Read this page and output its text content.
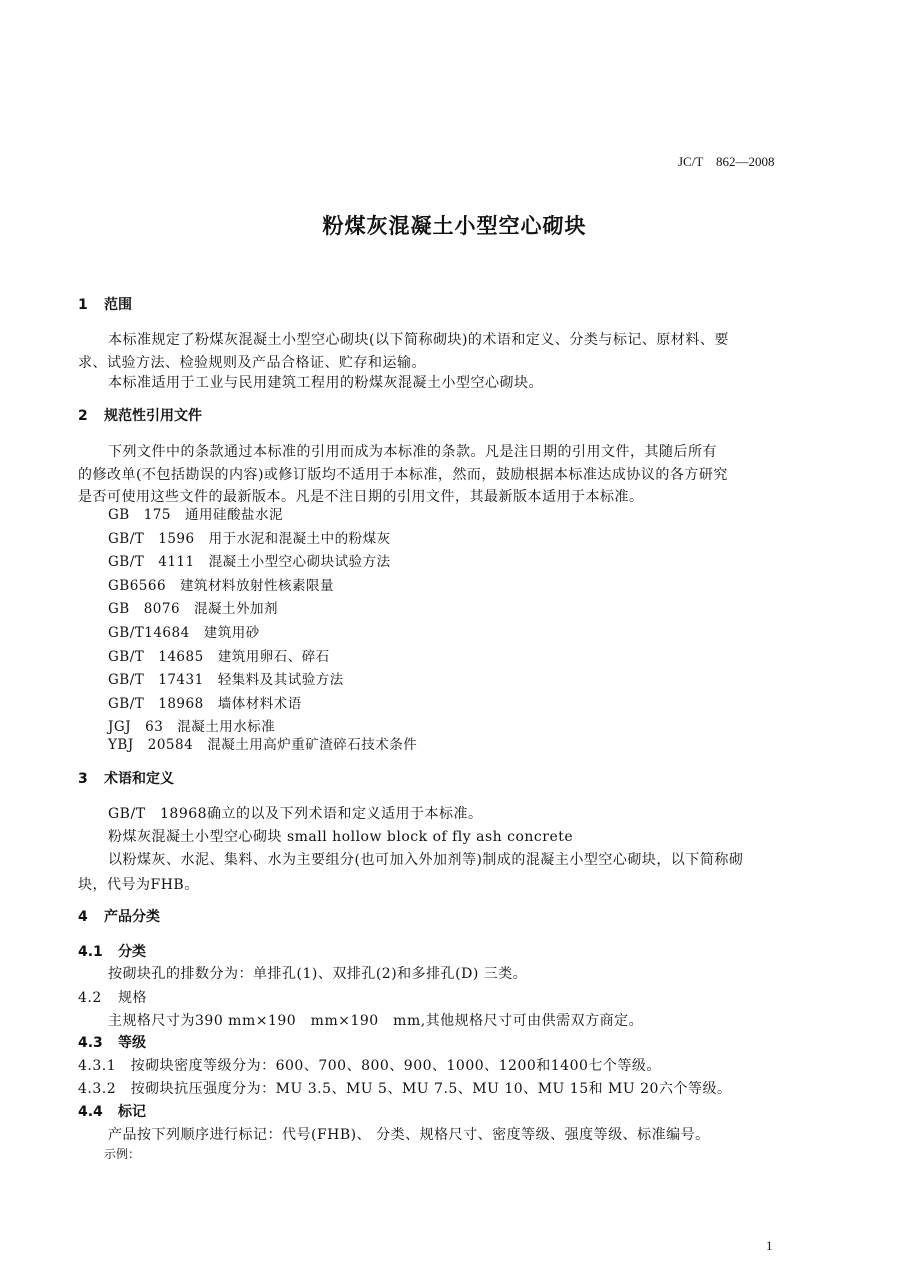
JC/T　862—2008
粉煤灰混凝土小型空心砌块
1 范围
本标准规定了粉煤灰混凝土小型空心砌块(以下简称砌块)的术语和定义、分类与标记、原材料、要
求、试验方法、检验规则及产品合格证、贮存和运输。
本标准适用于工业与民用建筑工程用的粉煤灰混凝土小型空心砌块。
2 规范性引用文件
下列文件中的条款通过本标准的引用而成为本标准的条款。凡是注日期的引用文件，其随后所有
的修改单(不包括勘误的内容)或修订版均不适用于本标准，然而，鼓励根据本标准达成协议的各方研究
是否可使用这些文件的最新版本。凡是不注日期的引用文件，其最新版本适用于本标准。
GB　175　通用硅酸盐水泥
GB/T　1596　用于水泥和混凝土中的粉煤灰
GB/T　4111　混凝土小型空心砌块试验方法
GB6566　建筑材料放射性核素限量
GB　8076　混凝土外加剂
GB/T14684　建筑用砂
GB/T　14685　建筑用卵石、碎石
GB/T　17431　轻集料及其试验方法
GB/T　18968　墙体材料术语
JGJ　63　混凝土用水标准
YBJ　20584　混凝土用高炉重矿渣碎石技术条件
3 术语和定义
GB/T　18968确立的以及下列术语和定义适用于本标准。
粉煤灰混凝土小型空心砌块 small hollow block of fly ash concrete
以粉煤灰、水泥、集料、水为主要组分(也可加入外加剂等)制成的混凝主小型空心砌块，以下简称砌
块，代号为FHB。
4 产品分类
4.1 分类
按砌块孔的排数分为：单排孔(1)、双排孔(2)和多排孔(D) 三类。
4.2 规格
主规格尺寸为390 mm×190　mm×190　mm,其他规格尺寸可由供需双方商定。
4.3 等级
4.3.1　按砌块密度等级分为：600、700、800、900、1000、1200和1400七个等级。
4.3.2　按砌块抗压强度分为：MU 3.5、MU 5、MU 7.5、MU 10、MU 15和 MU 20六个等级。
4.4 标记
产品按下列顺序进行标记：代号(FHB)、 分类、规格尺寸、密度等级、强度等级、标准编号。
示例：
1
